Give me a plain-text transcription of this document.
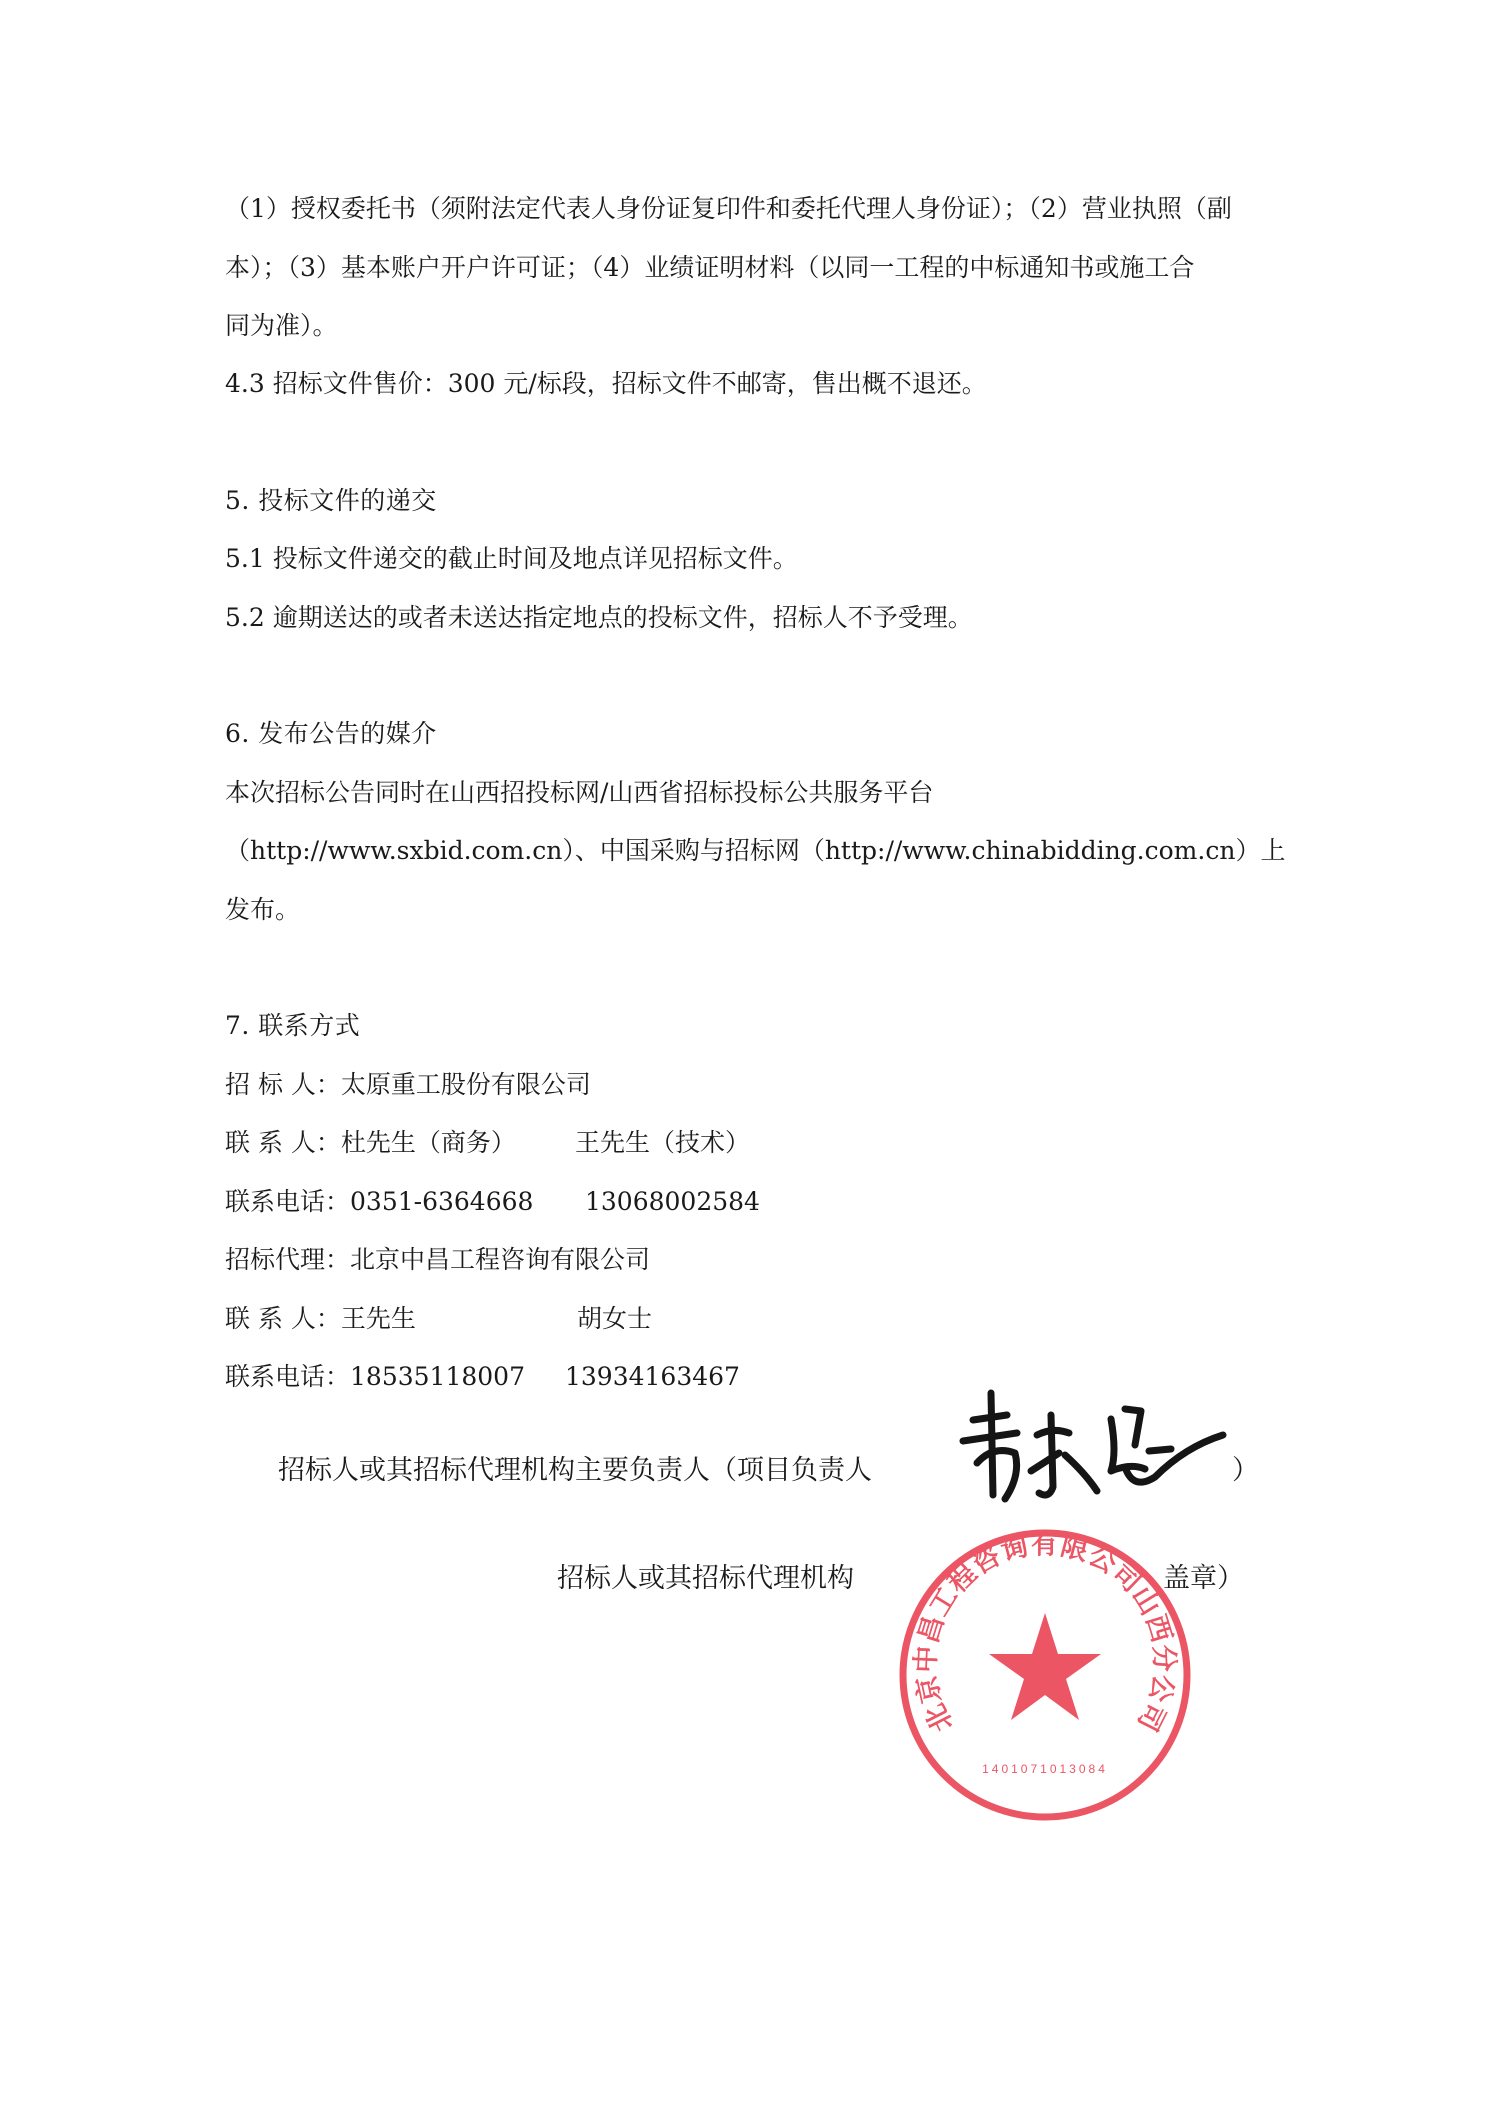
（1）授权委托书（须附法定代表人身份证复印件和委托代理人身份证）；（2）营业执照（副
本）；（3）基本账户开户许可证；（4）业绩证明材料（以同一工程的中标通知书或施工合
同为准）。
4.3 招标文件售价：300 元/标段，招标文件不邮寄，售出概不退还。
5. 投标文件的递交
5.1 投标文件递交的截止时间及地点详见招标文件。
5.2 逾期送达的或者未送达指定地点的投标文件，招标人不予受理。
6. 发布公告的媒介
本次招标公告同时在山西招投标网/山西省招标投标公共服务平台
（http://www.sxbid.com.cn）、中国采购与招标网（http://www.chinabidding.com.cn）上
发布。
7. 联系方式
招 标 人：太原重工股份有限公司
联 系 人：杜先生（商务） 王先生（技术）
联系电话：0351-6364668 13068002584
招标代理：北京中昌工程咨询有限公司
联 系 人：王先生	胡女士
联系电话：18535118007 13934163467
招标人或其招标代理机构主要负责人（项目负责人	）
招标人或其招标代理机构	盖章）
北京中昌工程咨询有限公司山西分公司
1401071013084
